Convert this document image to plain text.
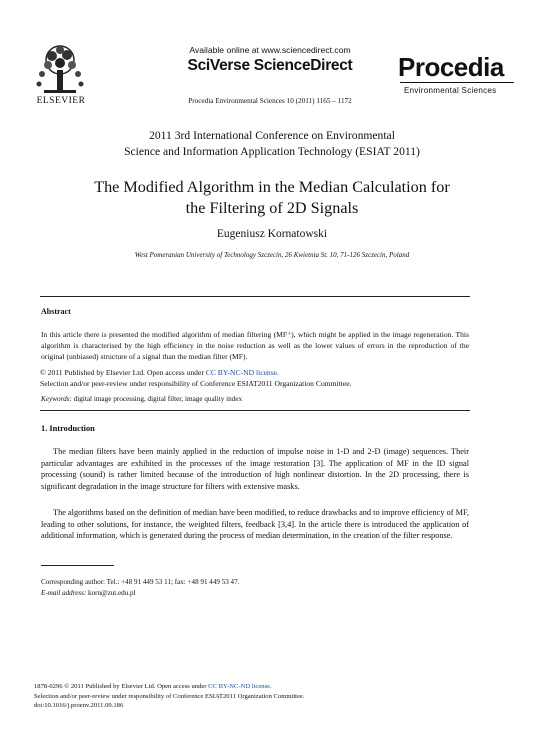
ELSEVIER
Available online at www.sciencedirect.com
SciVerse ScienceDirect
Procedia Environmental Sciences 10 (2011) 1165 – 1172
Procedia
Environmental Sciences
2011 3rd International Conference on Environmental
Science and Information Application Technology (ESIAT 2011)
The Modified Algorithm in the Median Calculation for
the Filtering of 2D Signals
Eugeniusz Kornatowski
West Pomeranian University of Technology Szczecin, 26 Kwietnia St. 10, 71-126 Szczecin, Poland
Abstract

In this article there is presented the modified algorithm of median filtering (MF⁺), which might be applied in the image regeneration. This algorithm is characterised by the high efficiency in the noise reduction as well as the lower values of errors in the reproduction of the original (unbiased) structure of a signal than the median filter (MF).

© 2011 Published by Elsevier Ltd. Open access under CC BY-NC-ND license.
Selection and/or peer-review under responsibility of Conference ESIAT2011 Organization Committee.
Keywords: digital image processing, digital filter, image quality index
1. Introduction

The median filters have been mainly applied in the reduction of impulse noise in 1-D and 2-D (image) sequences. Their particular advantages are exhibited in the processes of the image restoration [3]. The application of MF in the ID signal processing (sound) is rather limited because of the introduction of high nonlinear distortion. In the 2D processing, there is significant degradation in the image structure for filters with extensive masks.

The algorithms based on the definition of median have been modified, to reduce drawbacks and to improve efficiency of MF, leading to other solutions, for instance, the weighted filters, feedback [3,4]. In the article there is introduced the application of additional information, which is generated during the process of median determination, in the creation of the filter response.

Corresponding author: Tel.: +48 91 449 53 11; fax: +48 91 449 53 47.
E-mail address: korn@zut.edu.pl
1878-0296 © 2011 Published by Elsevier Ltd. Open access under CC BY-NC-ND license.
Selection and/or peer-review under responsibility of Conference ESIAT2011 Organization Committee.
doi:10.1016/j.proenv.2011.09.186
